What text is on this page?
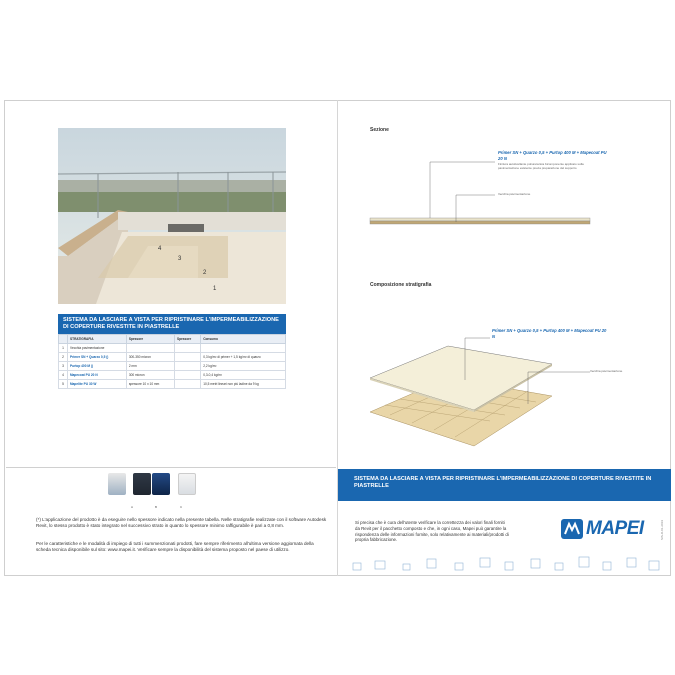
4
3
2
1
SISTEMA DA LASCIARE A VISTA PER RIPRISTINARE L'IMPERMEABILIZZAZIONE DI COPERTURE RIVESTITE IN PIASTRELLE
	STRATIGRAFIA	Spessore	Spessore	Consumo
1	Vecchia pavimentazione			
2	Primer SN + Quarzo 0,5 ()	300-350 micron		0,3 kg/m² di primer + 1,5 kg/m² di quarzo
3	Purtop 400 M ()	2 mm		2,2 kg/m²
4	Mapecoat PU 20 N	300 micron		0,3-0,4 kg/m²
5	Mapelite PU 30 W	spessore 10 x 10 mm		10,5 metri lineari non più ladine da 9 kg
A	B	C

(*) L'applicazione del prodotto è da eseguire nello spessore indicato nella presente tabella. Nelle stratigrafie realizzate con il software Autodesk Revit, lo stesso prodotto è stato integrato nel successivo strato in quanto lo spessore minimo raffigurabile è pari a 0,8 mm.

Per le caratteristiche e le modalità di impiego di tutti i summenzionati prodotti, fare sempre riferimento all'ultima versione aggiornata della scheda tecnica disponibile sul sito: www.mapei.it. Verificare sempre la disponibilità del sistema proposto nel paese di utilizzo.

Sezione
Primer SN + Quarzo 0,5 + Purtop 400 M + Mapecoat PU 20 N
Finitura autolivellante poliuretanica bicomponente applicato sulla pavimentazione esistente previa preparazione del supporto
Vecchia pavimentazione
Composizione stratigrafia
Primer SN + Quarzo 0,5 + Purtop 400 M + Mapecoat PU 20 N
Vecchia pavimentazione
SISTEMA DA LASCIARE A VISTA PER RIPRISTINARE L'IMPERMEABILIZZAZIONE DI COPERTURE RIVESTITE IN PIASTRELLE

Si precisa che è cura dell'utente verificare la correttezza dei valori finali forniti da Revit per il pacchetto composto e che, in ogni caso, Mapei può garantire la rispondenza delle informazioni fornite, solo relativamente ai materiali/prodotti di propria fabbricazione.

MAPEI	SIS-R-01-2019
